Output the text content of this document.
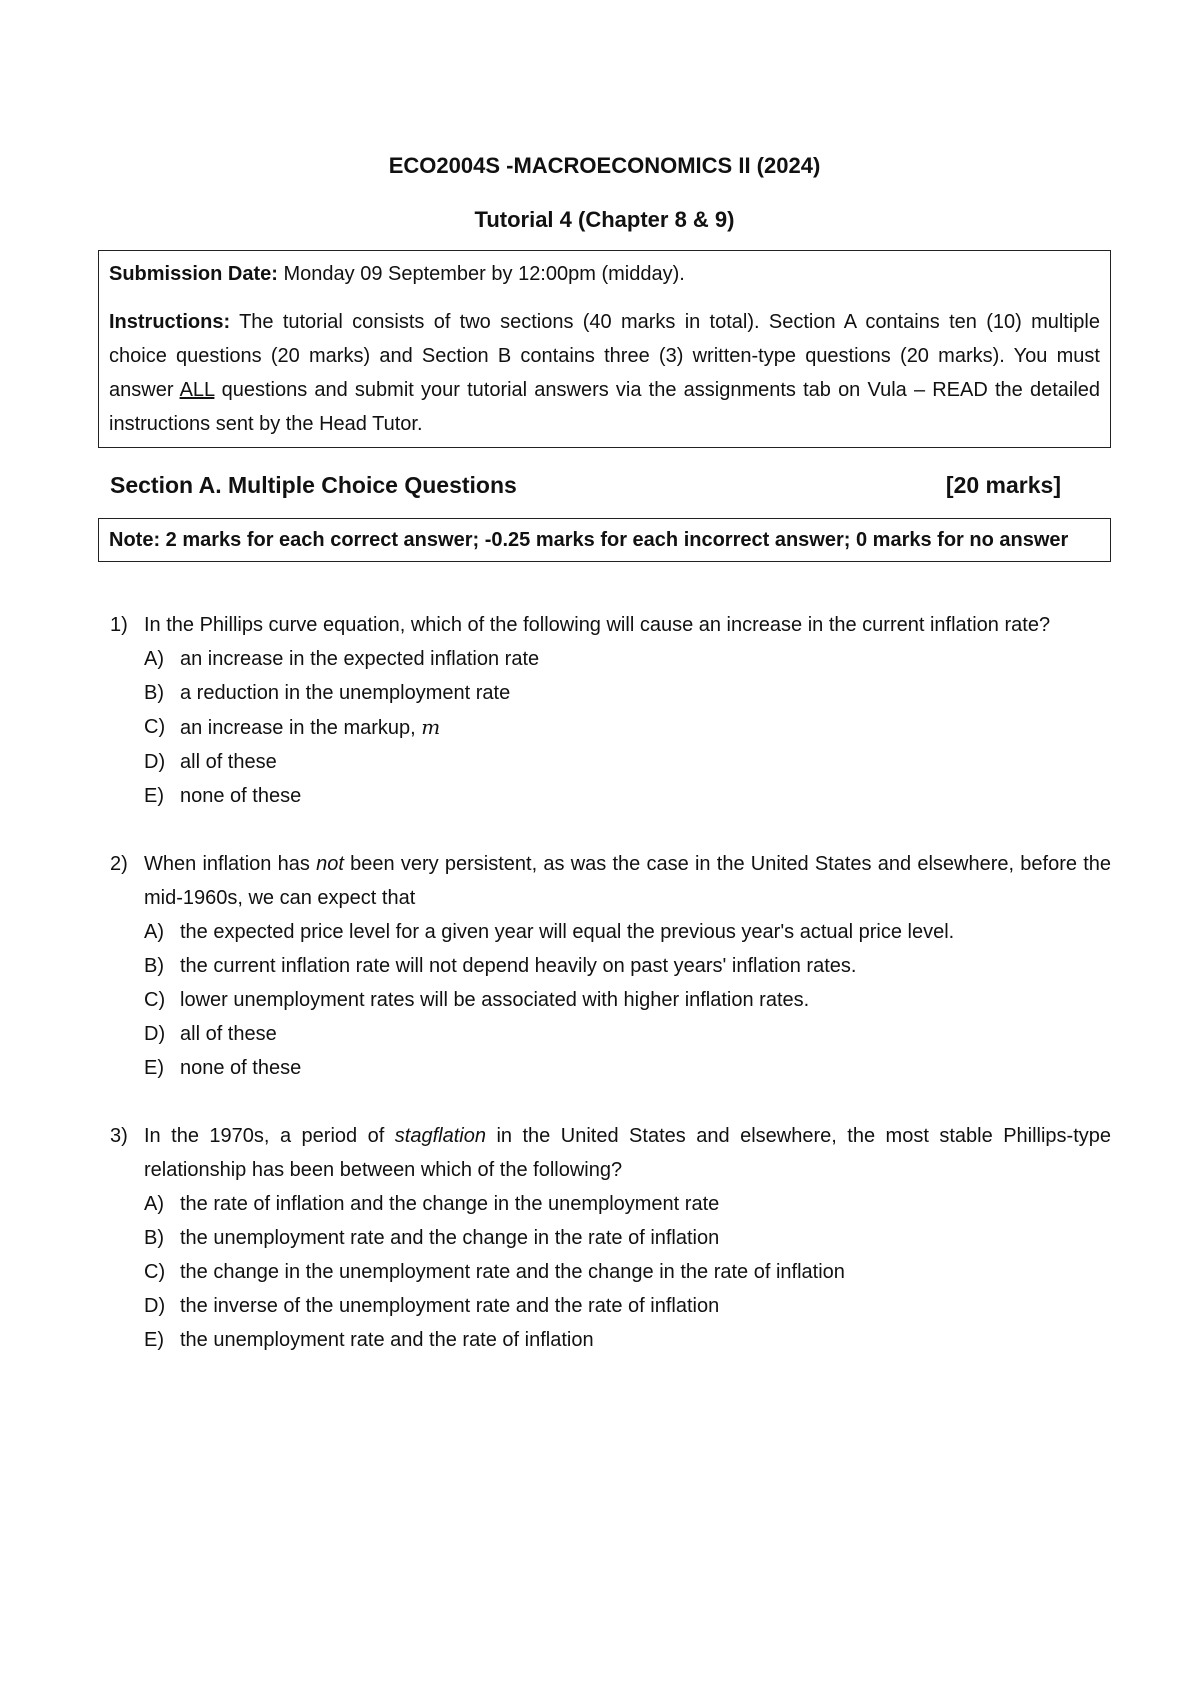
ECO2004S -MACROECONOMICS II (2024)
Tutorial 4 (Chapter 8 & 9)

Submission Date: Monday 09 September by 12:00pm (midday).

Instructions: The tutorial consists of two sections (40 marks in total). Section A contains ten (10) multiple choice questions (20 marks) and Section B contains three (3) written-type questions (20 marks). You must answer ALL questions and submit your tutorial answers via the assignments tab on Vula – READ the detailed instructions sent by the Head Tutor.

Section A. Multiple Choice Questions	[20 marks]
Note: 2 marks for each correct answer; -0.25 marks for each incorrect answer; 0 marks for no answer
1) In the Phillips curve equation, which of the following will cause an increase in the current inflation rate?
A) an increase in the expected inflation rate
B) a reduction in the unemployment rate
C) an increase in the markup, m
D) all of these
E) none of these
2) When inflation has not been very persistent, as was the case in the United States and elsewhere, before the mid-1960s, we can expect that
A) the expected price level for a given year will equal the previous year's actual price level.
B) the current inflation rate will not depend heavily on past years' inflation rates.
C) lower unemployment rates will be associated with higher inflation rates.
D) all of these
E) none of these
3) In the 1970s, a period of stagflation in the United States and elsewhere, the most stable Phillips-type relationship has been between which of the following?
A) the rate of inflation and the change in the unemployment rate
B) the unemployment rate and the change in the rate of inflation
C) the change in the unemployment rate and the change in the rate of inflation
D) the inverse of the unemployment rate and the rate of inflation
E) the unemployment rate and the rate of inflation
